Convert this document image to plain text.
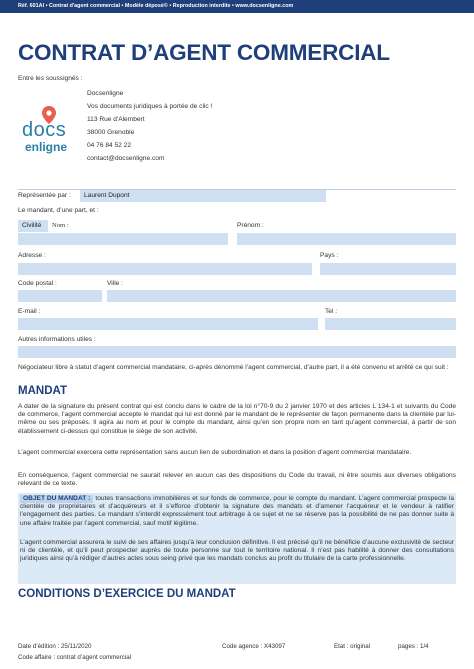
Réf. 601AI • Contrat d'agent commercial • Modèle déposé© • Reproduction interdite • www.docsenligne.com
CONTRAT D’AGENT COMMERCIAL
Entre les soussignés :
docs
enligne
Docsenligne
Vos documents juridiques à portée de clic !
113 Rue d'Alembert
38000 Grenoble
04 76 84 52 22
contact@docsenligne.com
Représentée par :	Laurent Dupont
Le mandant, d’une part, et :
Civilité	Nom :	Prénom :
Adresse :	Pays :
Code postal :	Ville :
E-mail :	Tel :
Autres informations utiles :
Négociateur libre à statut d’agent commercial mandataire, ci-après dénommé l’agent commercial, d’autre part, il a été convenu et arrêté ce qui suit :
MANDAT
A dater de la signature du présent contrat qui est conclu dans le cadre de la loi n°70-9 du 2 janvier 1970 et des articles L 134-1 et suivants du Code de commerce, l’agent commercial accepte le mandat qui lui est donné par le mandant de le représenter de façon permanente dans la clientèle par lui-même ou ses préposés. Il agira au nom et pour le compte du mandant, ainsi qu’en son propre nom en tant qu’agent commercial, à partir de son établissement ci-dessus qui constitue le siège de son activité.
L’agent commercial exercera cette représentation sans aucun lien de subordination et dans la position d’agent commercial mandataire.
En conséquence, l’agent commercial ne saurait relever en aucun cas des dispositions du Code du travail, ni être soumis aux diverses obligations relevant de ce texte.
OBJET DU MANDAT : toutes transactions immobilières et sur fonds de commerce, pour le compte du mandant. L’agent commercial prospecte la clientèle de propriétaires et d’acquéreurs et il s’efforce d’obtenir la signature des mandats et d’amener l’acquéreur et le vendeur à ratifier l’engagement des parties. Le mandant s’interdit expressément tout arbitrage à ce sujet et ne se réserve pas la possibilité de ne pas donner suite à une affaire traitée par l’agent commercial, sauf motif légitime.
L’agent commercial assurera le suivi de ses affaires jusqu’à leur conclusion définitive. Il est précisé qu’il ne bénéficie d’aucune exclusivité de secteur ni de clientèle, et qu’il peut prospecter auprès de toute personne sur tout le territoire national. Il n’est pas habilité à donner des consultations juridiques ainsi qu’à rédiger d’autres actes sous seing privé que les mandats conclus au profit du titulaire de la carte professionnelle.
CONDITIONS D’EXERCICE DU MANDAT
Date d’édition : 25/11/2020	Code agence : X43097	Etat : original	pages : 1/4
Code affaire : contrat d’agent commercial
